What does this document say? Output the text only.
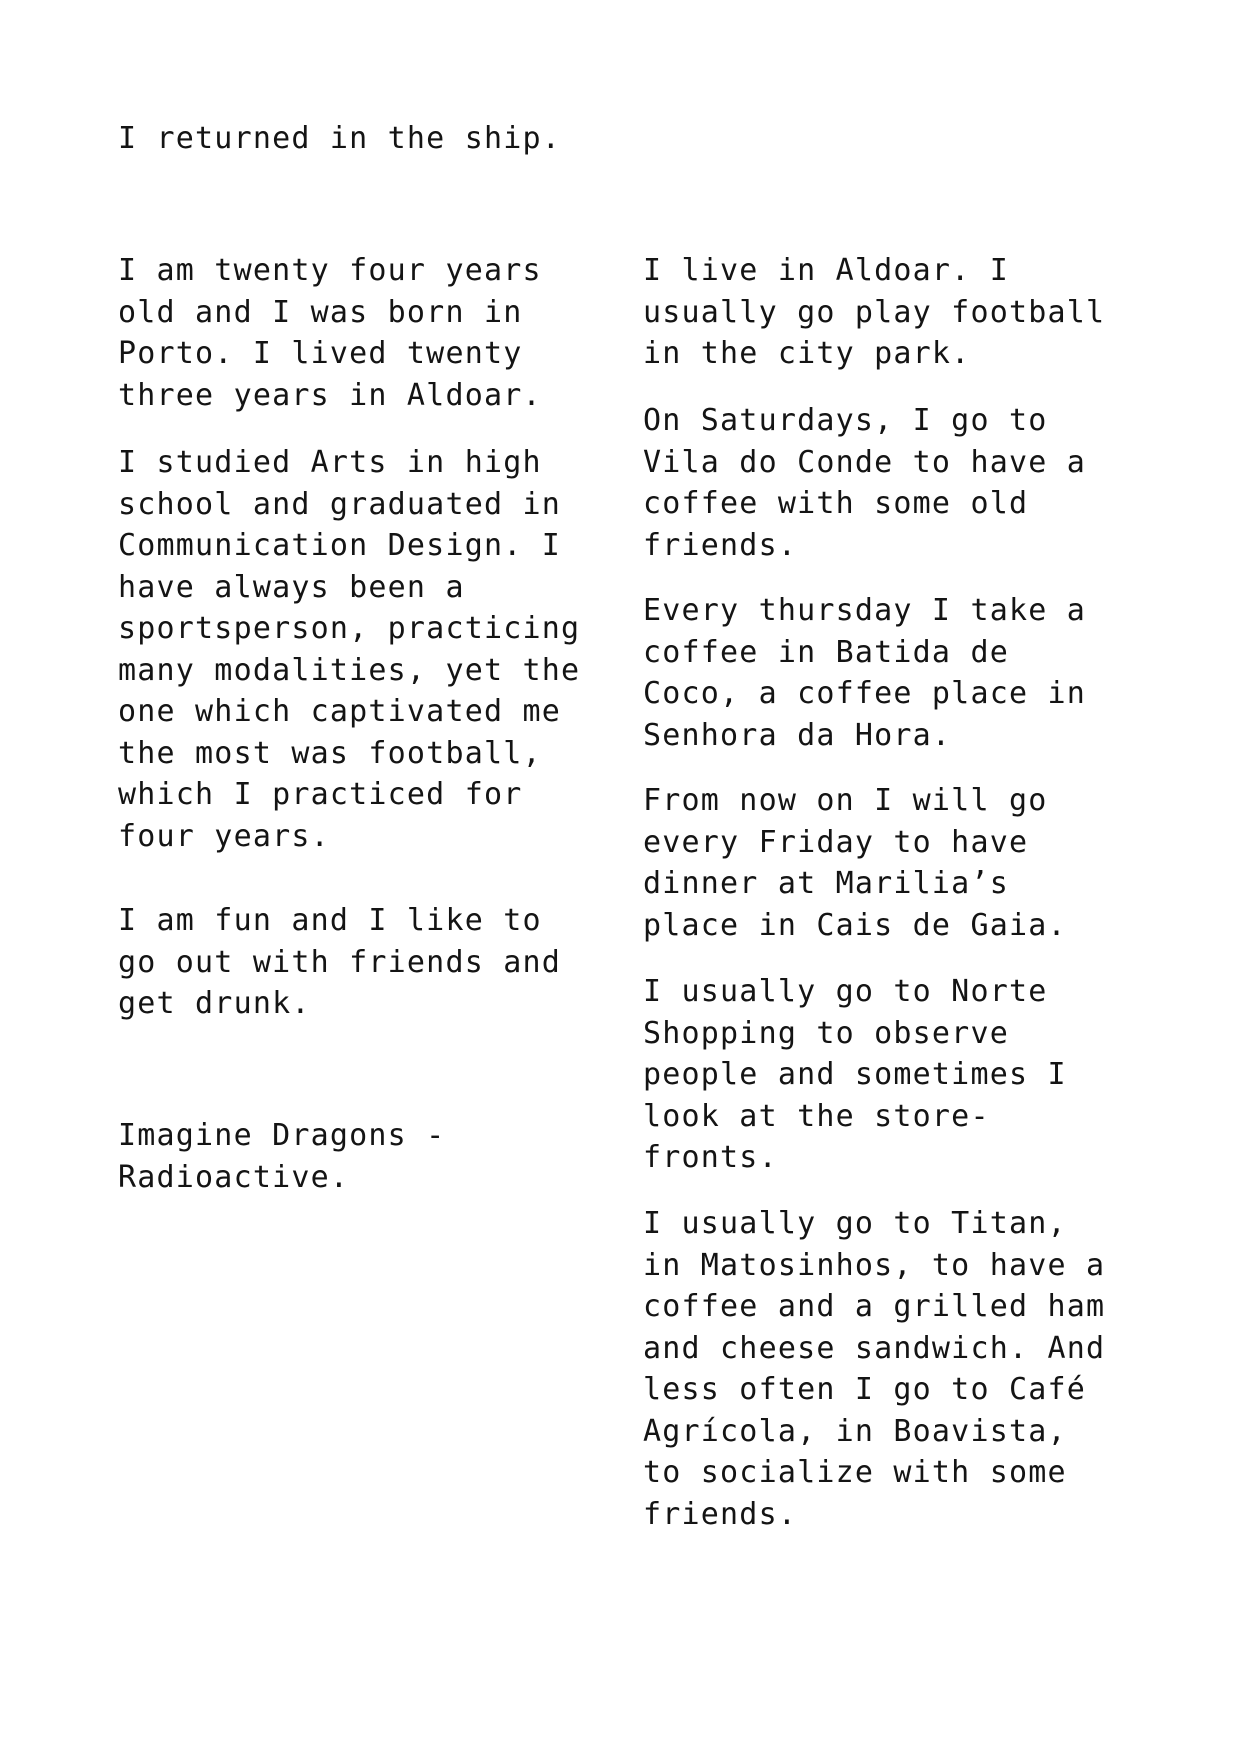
I returned in the ship.

I am twenty four years
old and I was born in
Porto. I lived twenty
three years in Aldoar.

I studied Arts in high
school and graduated in
Communication Design. I
have always been a
sportsperson, practicing
many modalities, yet the
one which captivated me
the most was football,
which I practiced for
four years.

I am fun and I like to
go out with friends and
get drunk.

Imagine Dragons -
Radioactive.

I live in Aldoar. I
usually go play football
in the city park.

On Saturdays, I go to
Vila do Conde to have a
coffee with some old
friends.

Every thursday I take a
coffee in Batida de
Coco, a coffee place in
Senhora da Hora.

From now on I will go
every Friday to have
dinner at Marilia’s
place in Cais de Gaia.

I usually go to Norte
Shopping to observe
people and sometimes I
look at the store-
fronts.

I usually go to Titan,
in Matosinhos, to have a
coffee and a grilled ham
and cheese sandwich. And
less often I go to Café
Agrícola, in Boavista,
to socialize with some
friends.
